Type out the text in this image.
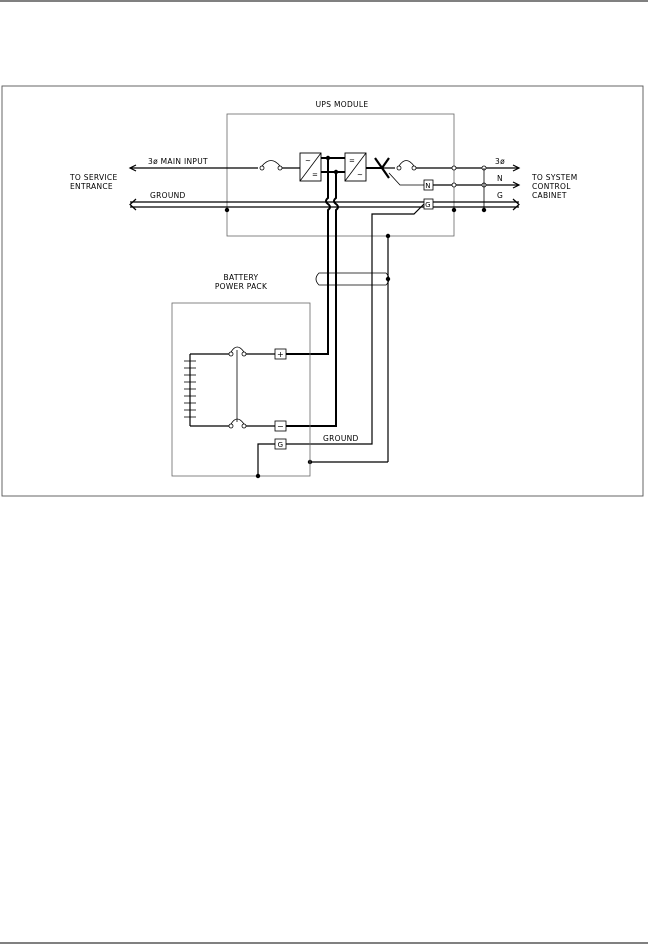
UPS MODULE
3ø MAIN INPUT	~
=
=
~
3ø
N
N
G
GROUND	G
TO SERVICE
ENTRANCE
TO SYSTEM
CONTROL
CABINET
BATTERY
POWER PACK
+
−
G
GROUND
